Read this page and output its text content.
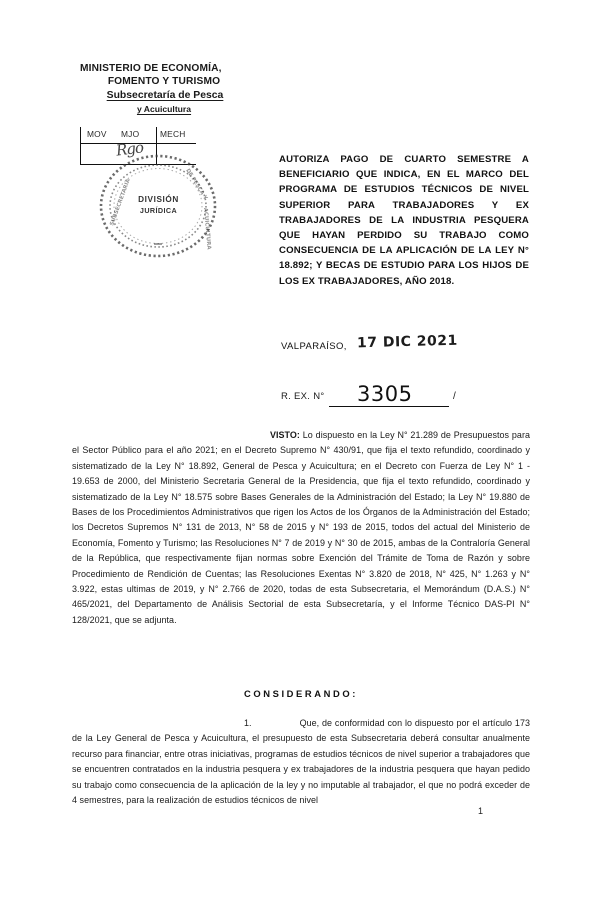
MINISTERIO DE ECONOMÍA,
FOMENTO Y TURISMO
Subsecretaría de Pesca
y Acuicultura
MOV MJO MECH
Rgo
SUBSECRETARIA	DE PESCA Y
ACUICULTURA
DIVISIÓN
JURÍDICA
AUTORIZA PAGO DE CUARTO SEMESTRE A BENEFICIARIO QUE INDICA, EN EL MARCO DEL PROGRAMA DE ESTUDIOS TÉCNICOS DE NIVEL SUPERIOR PARA TRABAJADORES Y EX TRABAJADORES DE LA INDUSTRIA PESQUERA QUE HAYAN PERDIDO SU TRABAJO COMO CONSECUENCIA DE LA APLICACIÓN DE LA LEY N° 18.892; Y BECAS DE ESTUDIO PARA LOS HIJOS DE LOS EX TRABAJADORES, AÑO 2018.
VALPARAÍSO, 17 DIC 2021
R. EX. N° 3305	/
VISTO: Lo dispuesto en la Ley N° 21.289 de Presupuestos para el Sector Público para el año 2021; en el Decreto Supremo N° 430/91, que fija el texto refundido, coordinado y sistematizado de la Ley N° 18.892, General de Pesca y Acuicultura; en el Decreto con Fuerza de Ley N° 1 - 19.653 de 2000, del Ministerio Secretaria General de la Presidencia, que fija el texto refundido, coordinado y sistematizado de la Ley N° 18.575 sobre Bases Generales de la Administración del Estado; la Ley N° 19.880 de Bases de los Procedimientos Administrativos que rigen los Actos de los Órganos de la Administración del Estado; los Decretos Supremos N° 131 de 2013, N° 58 de 2015 y N° 193 de 2015, todos del actual del Ministerio de Economía, Fomento y Turismo; las Resoluciones N° 7 de 2019 y N° 30 de 2015, ambas de la Contraloría General de la República, que respectivamente fijan normas sobre Exención del Trámite de Toma de Razón y sobre Procedimiento de Rendición de Cuentas; las Resoluciones Exentas N° 3.820 de 2018, N° 425, N° 1.263 y N° 3.922, estas ultimas de 2019, y N° 2.766 de 2020, todas de esta Subsecretaria, el Memorándum (D.A.S.) N° 465/2021, del Departamento de Análisis Sectorial de esta Subsecretaría, y el Informe Técnico DAS-PI N° 128/2021, que se adjunta.
CONSIDERANDO:
1.	Que, de conformidad con lo dispuesto por el artículo 173 de la Ley General de Pesca y Acuicultura, el presupuesto de esta Subsecretaria deberá consultar anualmente recurso para financiar, entre otras iniciativas, programas de estudios técnicos de nivel superior a trabajadores que se encuentren contratados en la industria pesquera y ex trabajadores de la industria pesquera que hayan pedido su trabajo como consecuencia de la aplicación de la ley y no imputable al trabajador, el que no podrá exceder de 4 semestres, para la realización de estudios técnicos de nivel
1
